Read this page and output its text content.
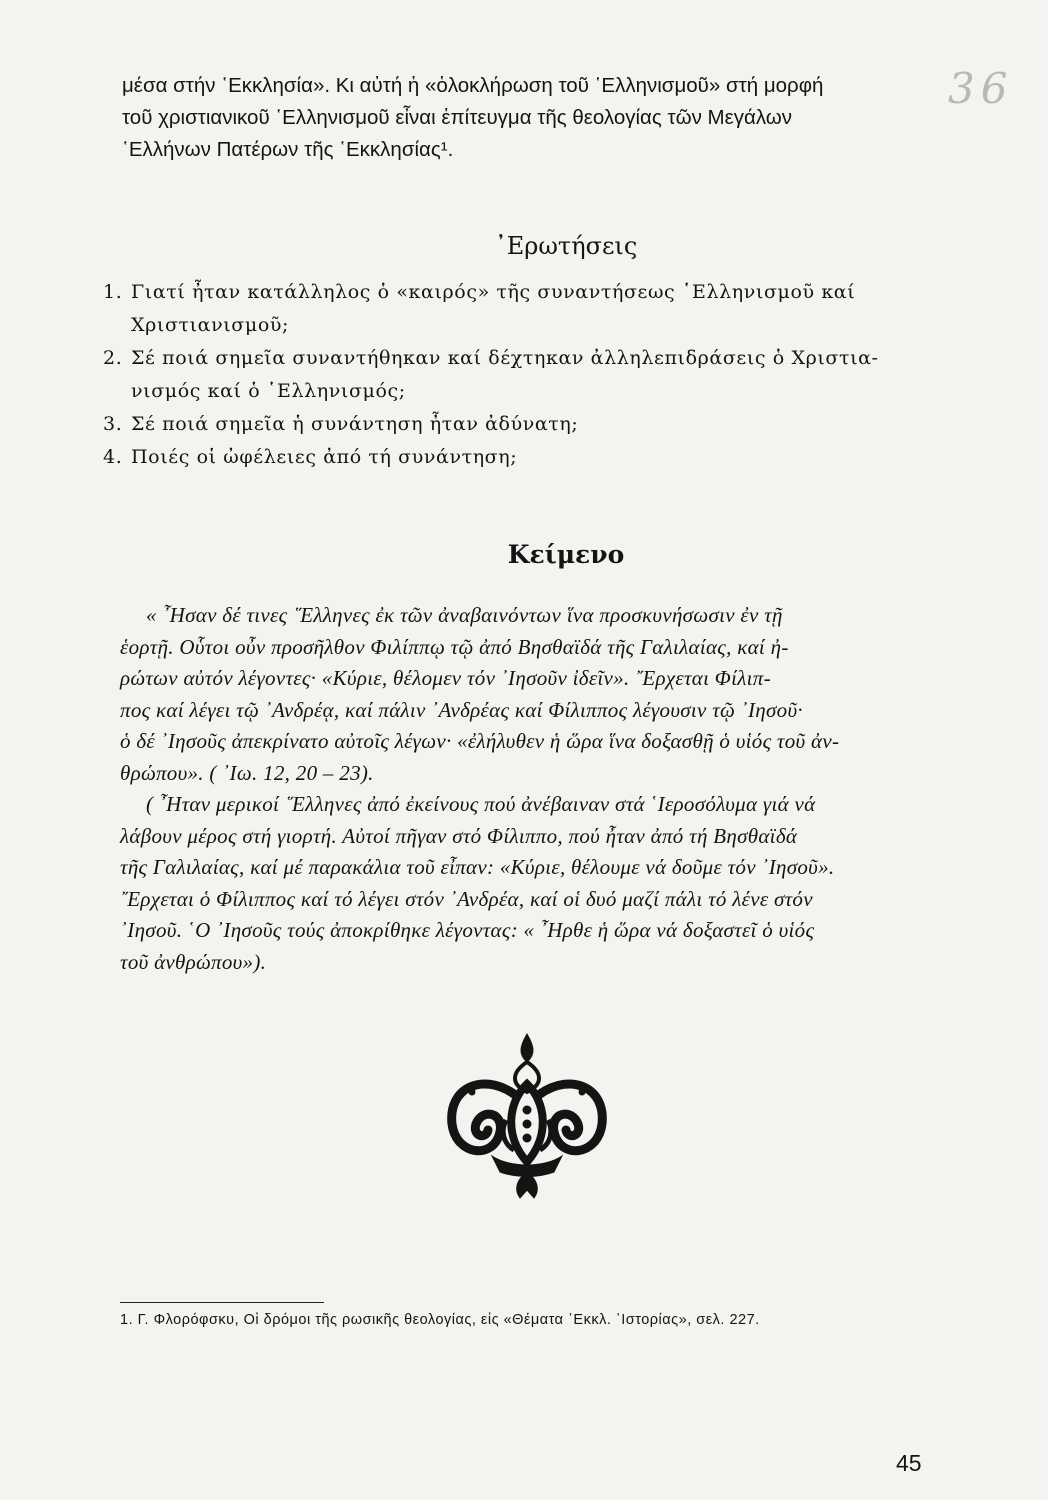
36

μέσα στήν ῾Εκκλησία». Κι αὐτή ἡ «ὁλοκλήρωση τοῦ ῾Ελληνισμοῦ» στή μορφή
τοῦ χριστιανικοῦ ῾Ελληνισμοῦ εἶναι ἐπίτευγμα τῆς θεολογίας τῶν Μεγάλων
῾Ελλήνων Πατέρων τῆς ῾Εκκλησίας¹.

᾿Ερωτήσεις
1. Γιατί ἦταν κατάλληλος ὁ «καιρός» τῆς συναντήσεως ῾Ελληνισμοῦ καί
Χριστιανισμοῦ;
2. Σέ ποιά σημεῖα συναντήθηκαν καί δέχτηκαν ἀλληλεπιδράσεις ὁ Χριστια-
νισμός καί ὁ ῾Ελληνισμός;
3. Σέ ποιά σημεῖα ἡ συνάντηση ἦταν ἀδύνατη;
4. Ποιές οἱ ὠφέλειες ἀπό τή συνάντηση;
Κείμενο

« ῏Ησαν δέ τινες ῞Ελληνες ἐκ τῶν ἀναβαινόντων ἵνα προσκυνήσωσιν ἐν τῇ
ἑορτῇ. Οὗτοι οὖν προσῆλθον Φιλίππῳ τῷ ἀπό Βησθαϊδά τῆς Γαλιλαίας, καί ἠ-
ρώτων αὐτόν λέγοντες· «Κύριε, θέλομεν τόν ᾿Ιησοῦν ἰδεῖν». ῎Ερχεται Φίλιπ-
πος καί λέγει τῷ ᾿Ανδρέᾳ, καί πάλιν ᾿Ανδρέας καί Φίλιππος λέγουσιν τῷ ᾿Ιησοῦ·
ὁ δέ ᾿Ιησοῦς ἀπεκρίνατο αὐτοῖς λέγων· «ἐλήλυθεν ἡ ὥρα ἵνα δοξασθῇ ὁ υἱός τοῦ ἀν-
θρώπου». ( ᾿Ιω. 12, 20 – 23).

( ῏Ηταν μερικοί ῞Ελληνες ἀπό ἐκείνους πού ἀνέβαιναν στά ῾Ιεροσόλυμα γιά νά
λάβουν μέρος στή γιορτή. Αὐτοί πῆγαν στό Φίλιππο, πού ἦταν ἀπό τή Βησθαϊδά
τῆς Γαλιλαίας, καί μέ παρακάλια τοῦ εἶπαν: «Κύριε, θέλουμε νά δοῦμε τόν ᾿Ιησοῦ».
῎Ερχεται ὁ Φίλιππος καί τό λέγει στόν ᾿Ανδρέα, καί οἱ δυό μαζί πάλι τό λένε στόν
᾿Ιησοῦ. ῾Ο ᾿Ιησοῦς τούς ἀποκρίθηκε λέγοντας: « ῏Ηρθε ἡ ὥρα νά δοξαστεῖ ὁ υἱός
τοῦ ἀνθρώπου»).

1. Γ. Φλορόφσκυ, Οἱ δρόμοι τῆς ρωσικῆς θεολογίας, εἰς «Θέματα ῾Εκκλ. ῾Ιστορίας», σελ. 227.
45
